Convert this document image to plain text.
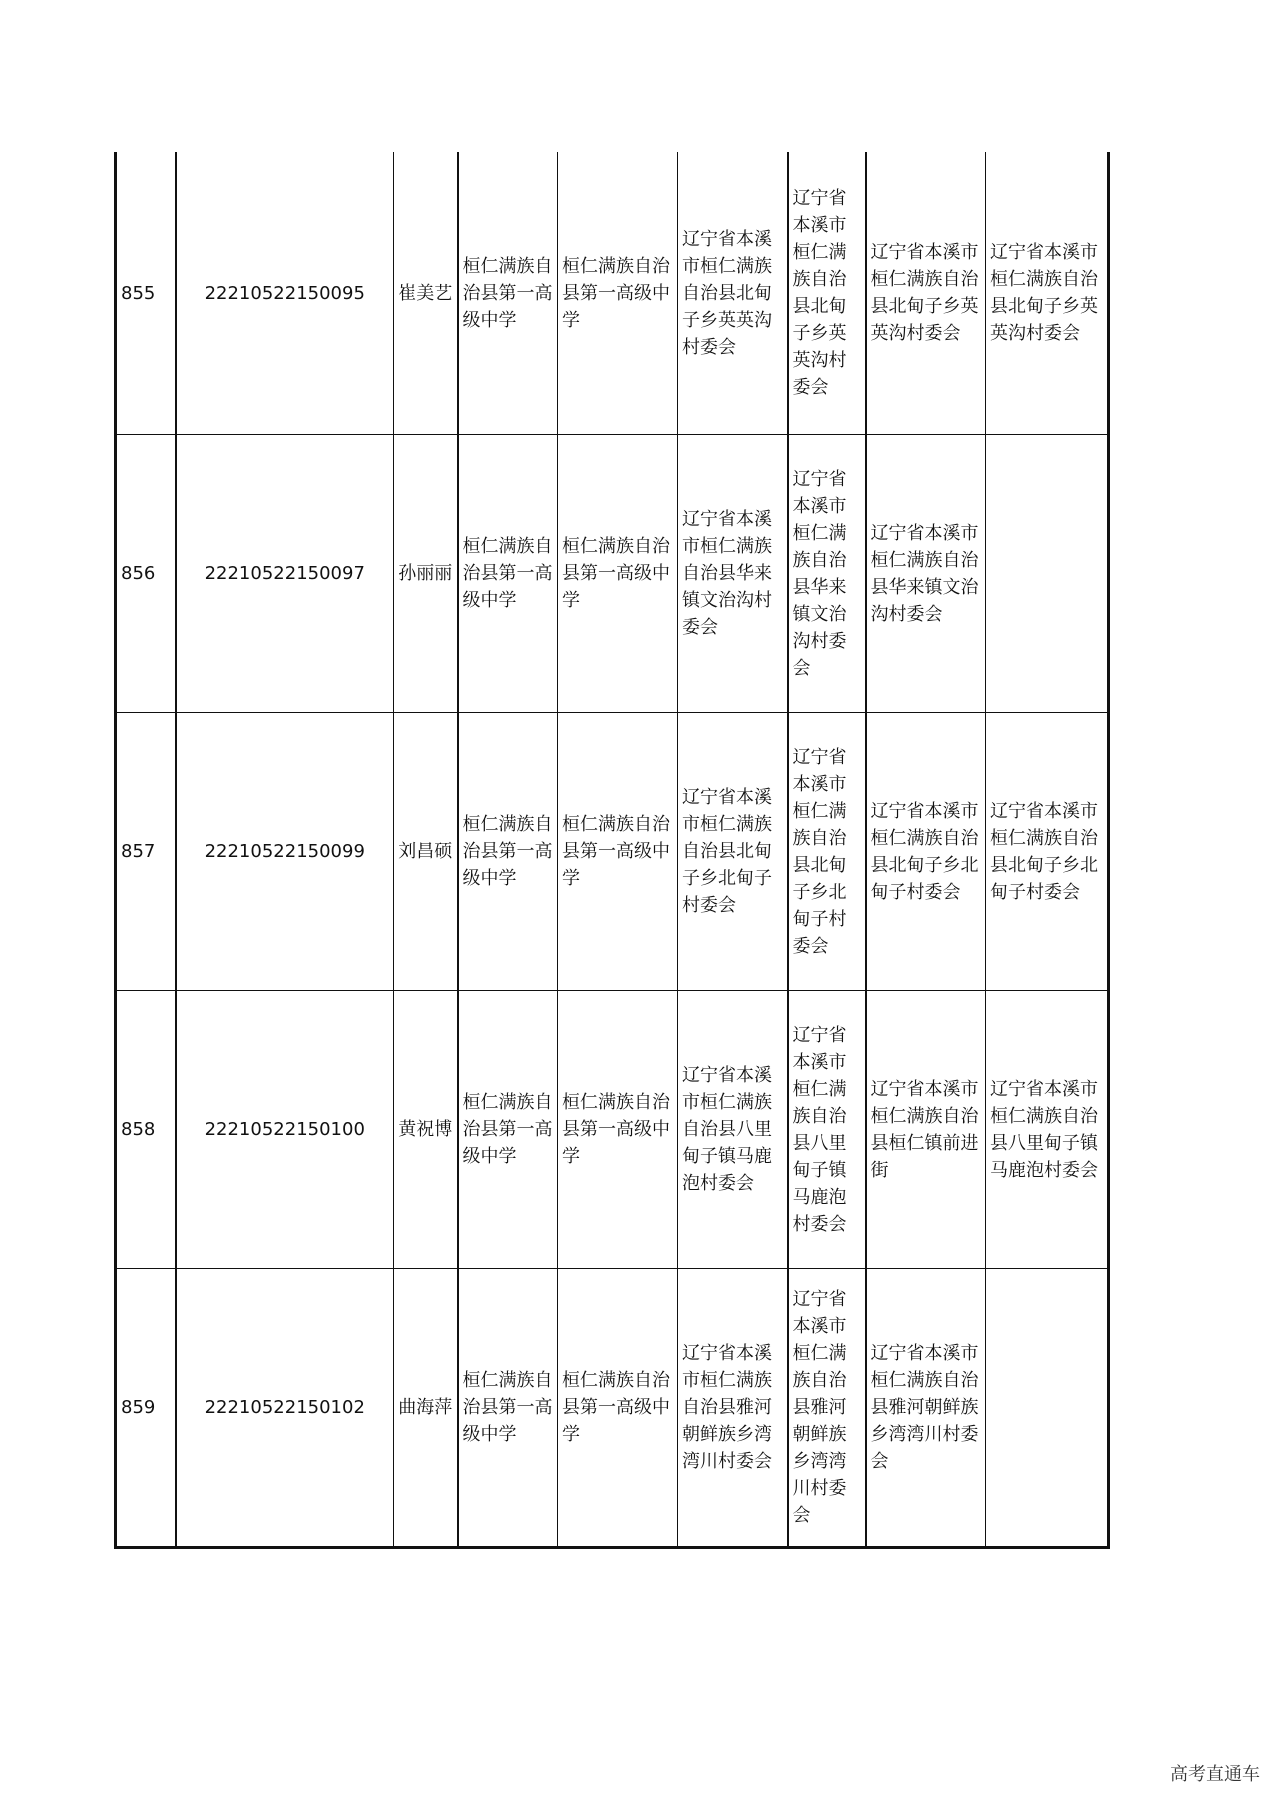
855	22210522150095	崔美艺	桓仁满族自治县第一高级中学	桓仁满族自治县第一高级中学	辽宁省本溪市桓仁满族自治县北甸子乡英英沟村委会	辽宁省本溪市桓仁满族自治县北甸子乡英英沟村委会	辽宁省本溪市桓仁满族自治县北甸子乡英英沟村委会	辽宁省本溪市桓仁满族自治县北甸子乡英英沟村委会
856	22210522150097	孙丽丽	桓仁满族自治县第一高级中学	桓仁满族自治县第一高级中学	辽宁省本溪市桓仁满族自治县华来镇文治沟村委会	辽宁省本溪市桓仁满族自治县华来镇文治沟村委会	辽宁省本溪市桓仁满族自治县华来镇文治沟村委会	
857	22210522150099	刘昌硕	桓仁满族自治县第一高级中学	桓仁满族自治县第一高级中学	辽宁省本溪市桓仁满族自治县北甸子乡北甸子村委会	辽宁省本溪市桓仁满族自治县北甸子乡北甸子村委会	辽宁省本溪市桓仁满族自治县北甸子乡北甸子村委会	辽宁省本溪市桓仁满族自治县北甸子乡北甸子村委会
858	22210522150100	黄祝博	桓仁满族自治县第一高级中学	桓仁满族自治县第一高级中学	辽宁省本溪市桓仁满族自治县八里甸子镇马鹿泡村委会	辽宁省本溪市桓仁满族自治县八里甸子镇马鹿泡村委会	辽宁省本溪市桓仁满族自治县桓仁镇前进街	辽宁省本溪市桓仁满族自治县八里甸子镇马鹿泡村委会
859	22210522150102	曲海萍	桓仁满族自治县第一高级中学	桓仁满族自治县第一高级中学	辽宁省本溪市桓仁满族自治县雅河朝鲜族乡湾湾川村委会	辽宁省本溪市桓仁满族自治县雅河朝鲜族乡湾湾川村委会	辽宁省本溪市桓仁满族自治县雅河朝鲜族乡湾湾川村委会	
高考直通车
